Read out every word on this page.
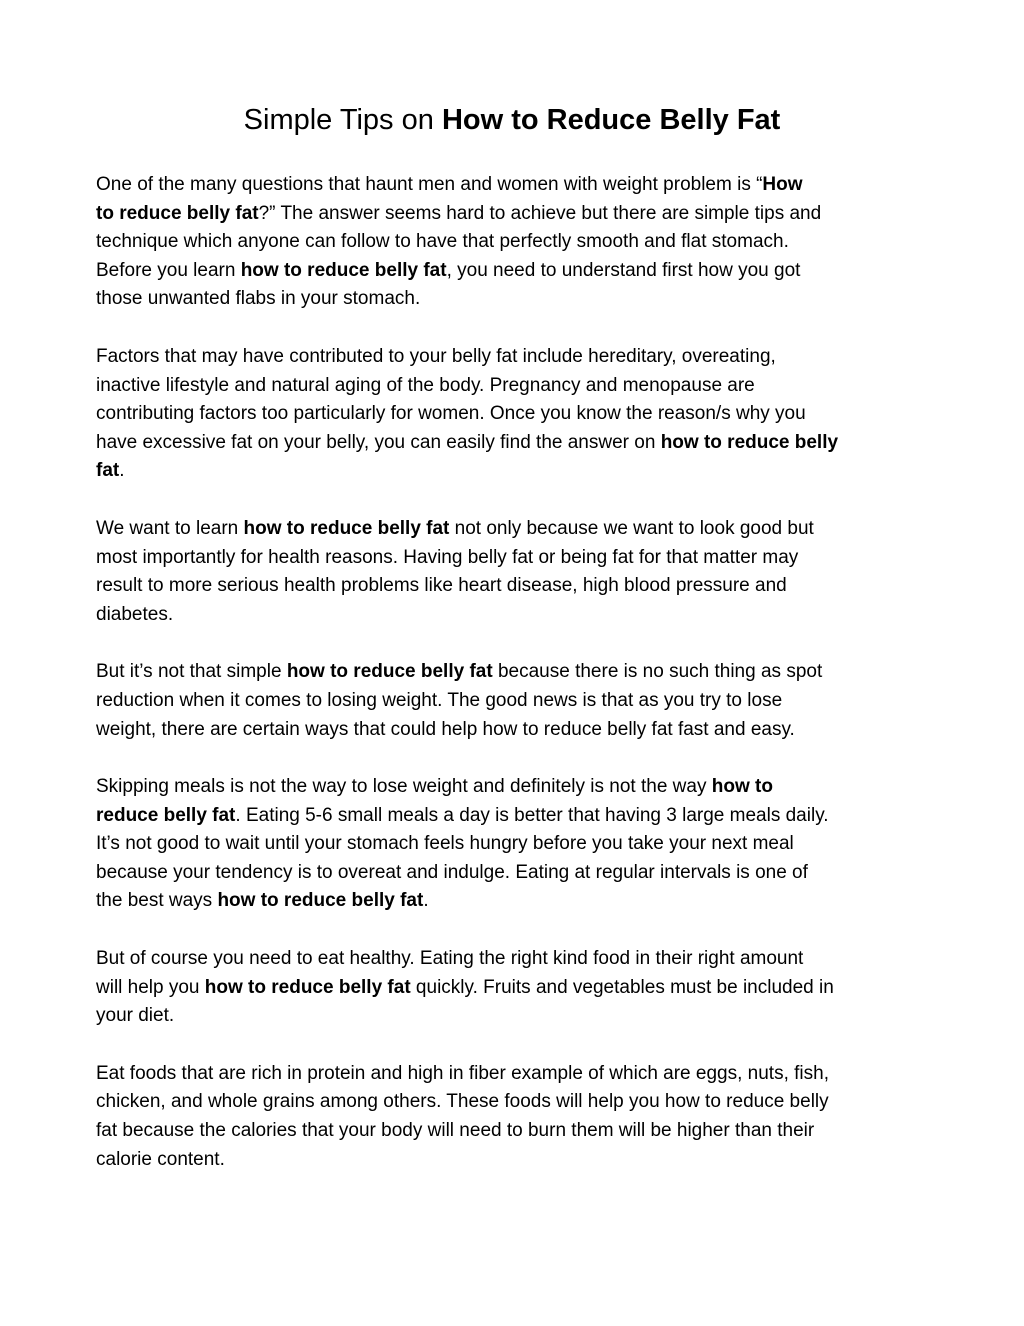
Simple Tips on How to Reduce Belly Fat

One of the many questions that haunt men and women with weight problem is “How
to reduce belly fat?” The answer seems hard to achieve but there are simple tips and
technique which anyone can follow to have that perfectly smooth and flat stomach.
Before you learn how to reduce belly fat, you need to understand first how you got
those unwanted flabs in your stomach.

Factors that may have contributed to your belly fat include hereditary, overeating,
inactive lifestyle and natural aging of the body. Pregnancy and menopause are
contributing factors too particularly for women. Once you know the reason/s why you
have excessive fat on your belly, you can easily find the answer on how to reduce belly
fat.

We want to learn how to reduce belly fat not only because we want to look good but
most importantly for health reasons. Having belly fat or being fat for that matter may
result to more serious health problems like heart disease, high blood pressure and
diabetes.

But it’s not that simple how to reduce belly fat because there is no such thing as spot
reduction when it comes to losing weight. The good news is that as you try to lose
weight, there are certain ways that could help how to reduce belly fat fast and easy.

Skipping meals is not the way to lose weight and definitely is not the way how to
reduce belly fat. Eating 5-6 small meals a day is better that having 3 large meals daily.
It’s not good to wait until your stomach feels hungry before you take your next meal
because your tendency is to overeat and indulge. Eating at regular intervals is one of
the best ways how to reduce belly fat.

But of course you need to eat healthy. Eating the right kind food in their right amount
will help you how to reduce belly fat quickly. Fruits and vegetables must be included in
your diet.

Eat foods that are rich in protein and high in fiber example of which are eggs, nuts, fish,
chicken, and whole grains among others. These foods will help you how to reduce belly
fat because the calories that your body will need to burn them will be higher than their
calorie content.
